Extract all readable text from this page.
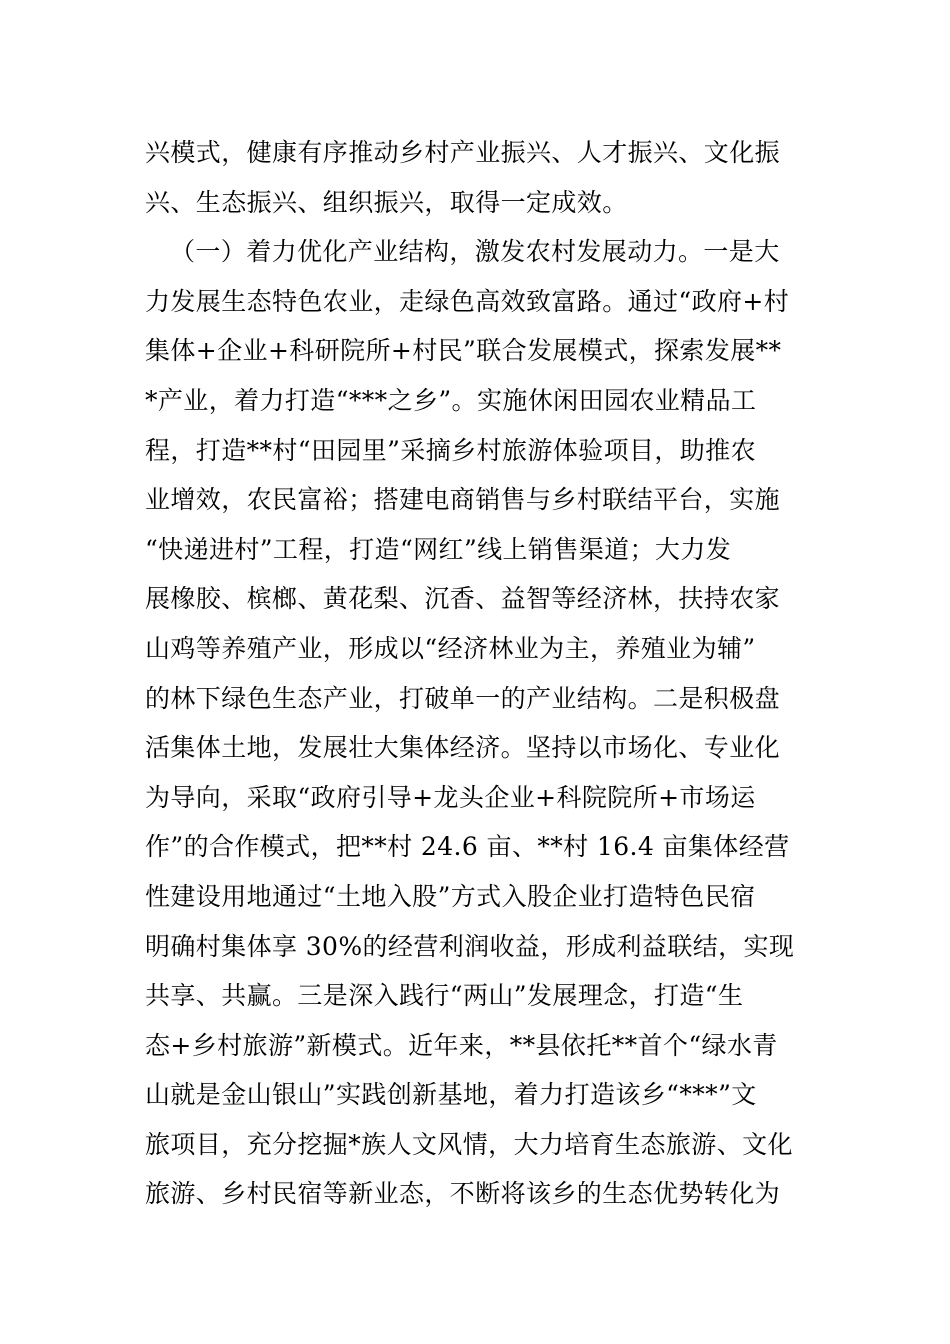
兴模式，健康有序推动乡村产业振兴、人才振兴、文化振
兴、生态振兴、组织振兴，取得一定成效。
（一）着力优化产业结构，激发农村发展动力。一是大
力发展生态特色农业，走绿色高效致富路。通过“政府+村
集体+企业+科研院所+村民”联合发展模式，探索发展**
*产业，着力打造“***之乡”。实施休闲田园农业精品工
程，打造**村“田园里”采摘乡村旅游体验项目，助推农
业增效，农民富裕；搭建电商销售与乡村联结平台，实施
“快递进村”工程，打造“网红”线上销售渠道；大力发
展橡胶、槟榔、黄花梨、沉香、益智等经济林，扶持农家
山鸡等养殖产业，形成以“经济林业为主，养殖业为辅”
的林下绿色生态产业，打破单一的产业结构。二是积极盘
活集体土地，发展壮大集体经济。坚持以市场化、专业化
为导向，采取“政府引导+龙头企业+科院院所+市场运
作”的合作模式，把**村 24.6 亩、**村 16.4 亩集体经营
性建设用地通过“土地入股”方式入股企业打造特色民宿
明确村集体享 30%的经营利润收益，形成利益联结，实现
共享、共赢。三是深入践行“两山”发展理念，打造“生
态+乡村旅游”新模式。近年来，**县依托**首个“绿水青
山就是金山银山”实践创新基地，着力打造该乡“***”文
旅项目，充分挖掘*族人文风情，大力培育生态旅游、文化
旅游、乡村民宿等新业态，不断将该乡的生态优势转化为
